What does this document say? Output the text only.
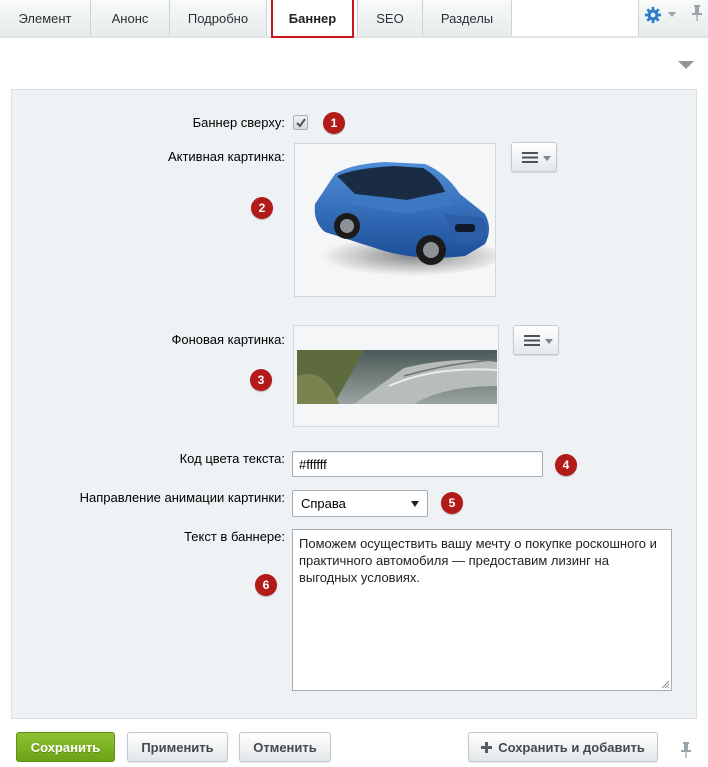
Элемент	Анонс	Подробно	SEO	Разделы
Баннер
Баннер сверху:	1
Активная картинка:
2
Фоновая картинка:
3
Код цвета текста:
#ffffff	4
Направление анимации картинки:	Справа	5
Текст в баннере:	Поможем осуществить вашу мечту о покупке роскошного и практичного автомобиля — предоставим лизинг на выгодных условиях.
6
Сохранить	Применить	Отменить	Сохранить и добавить
